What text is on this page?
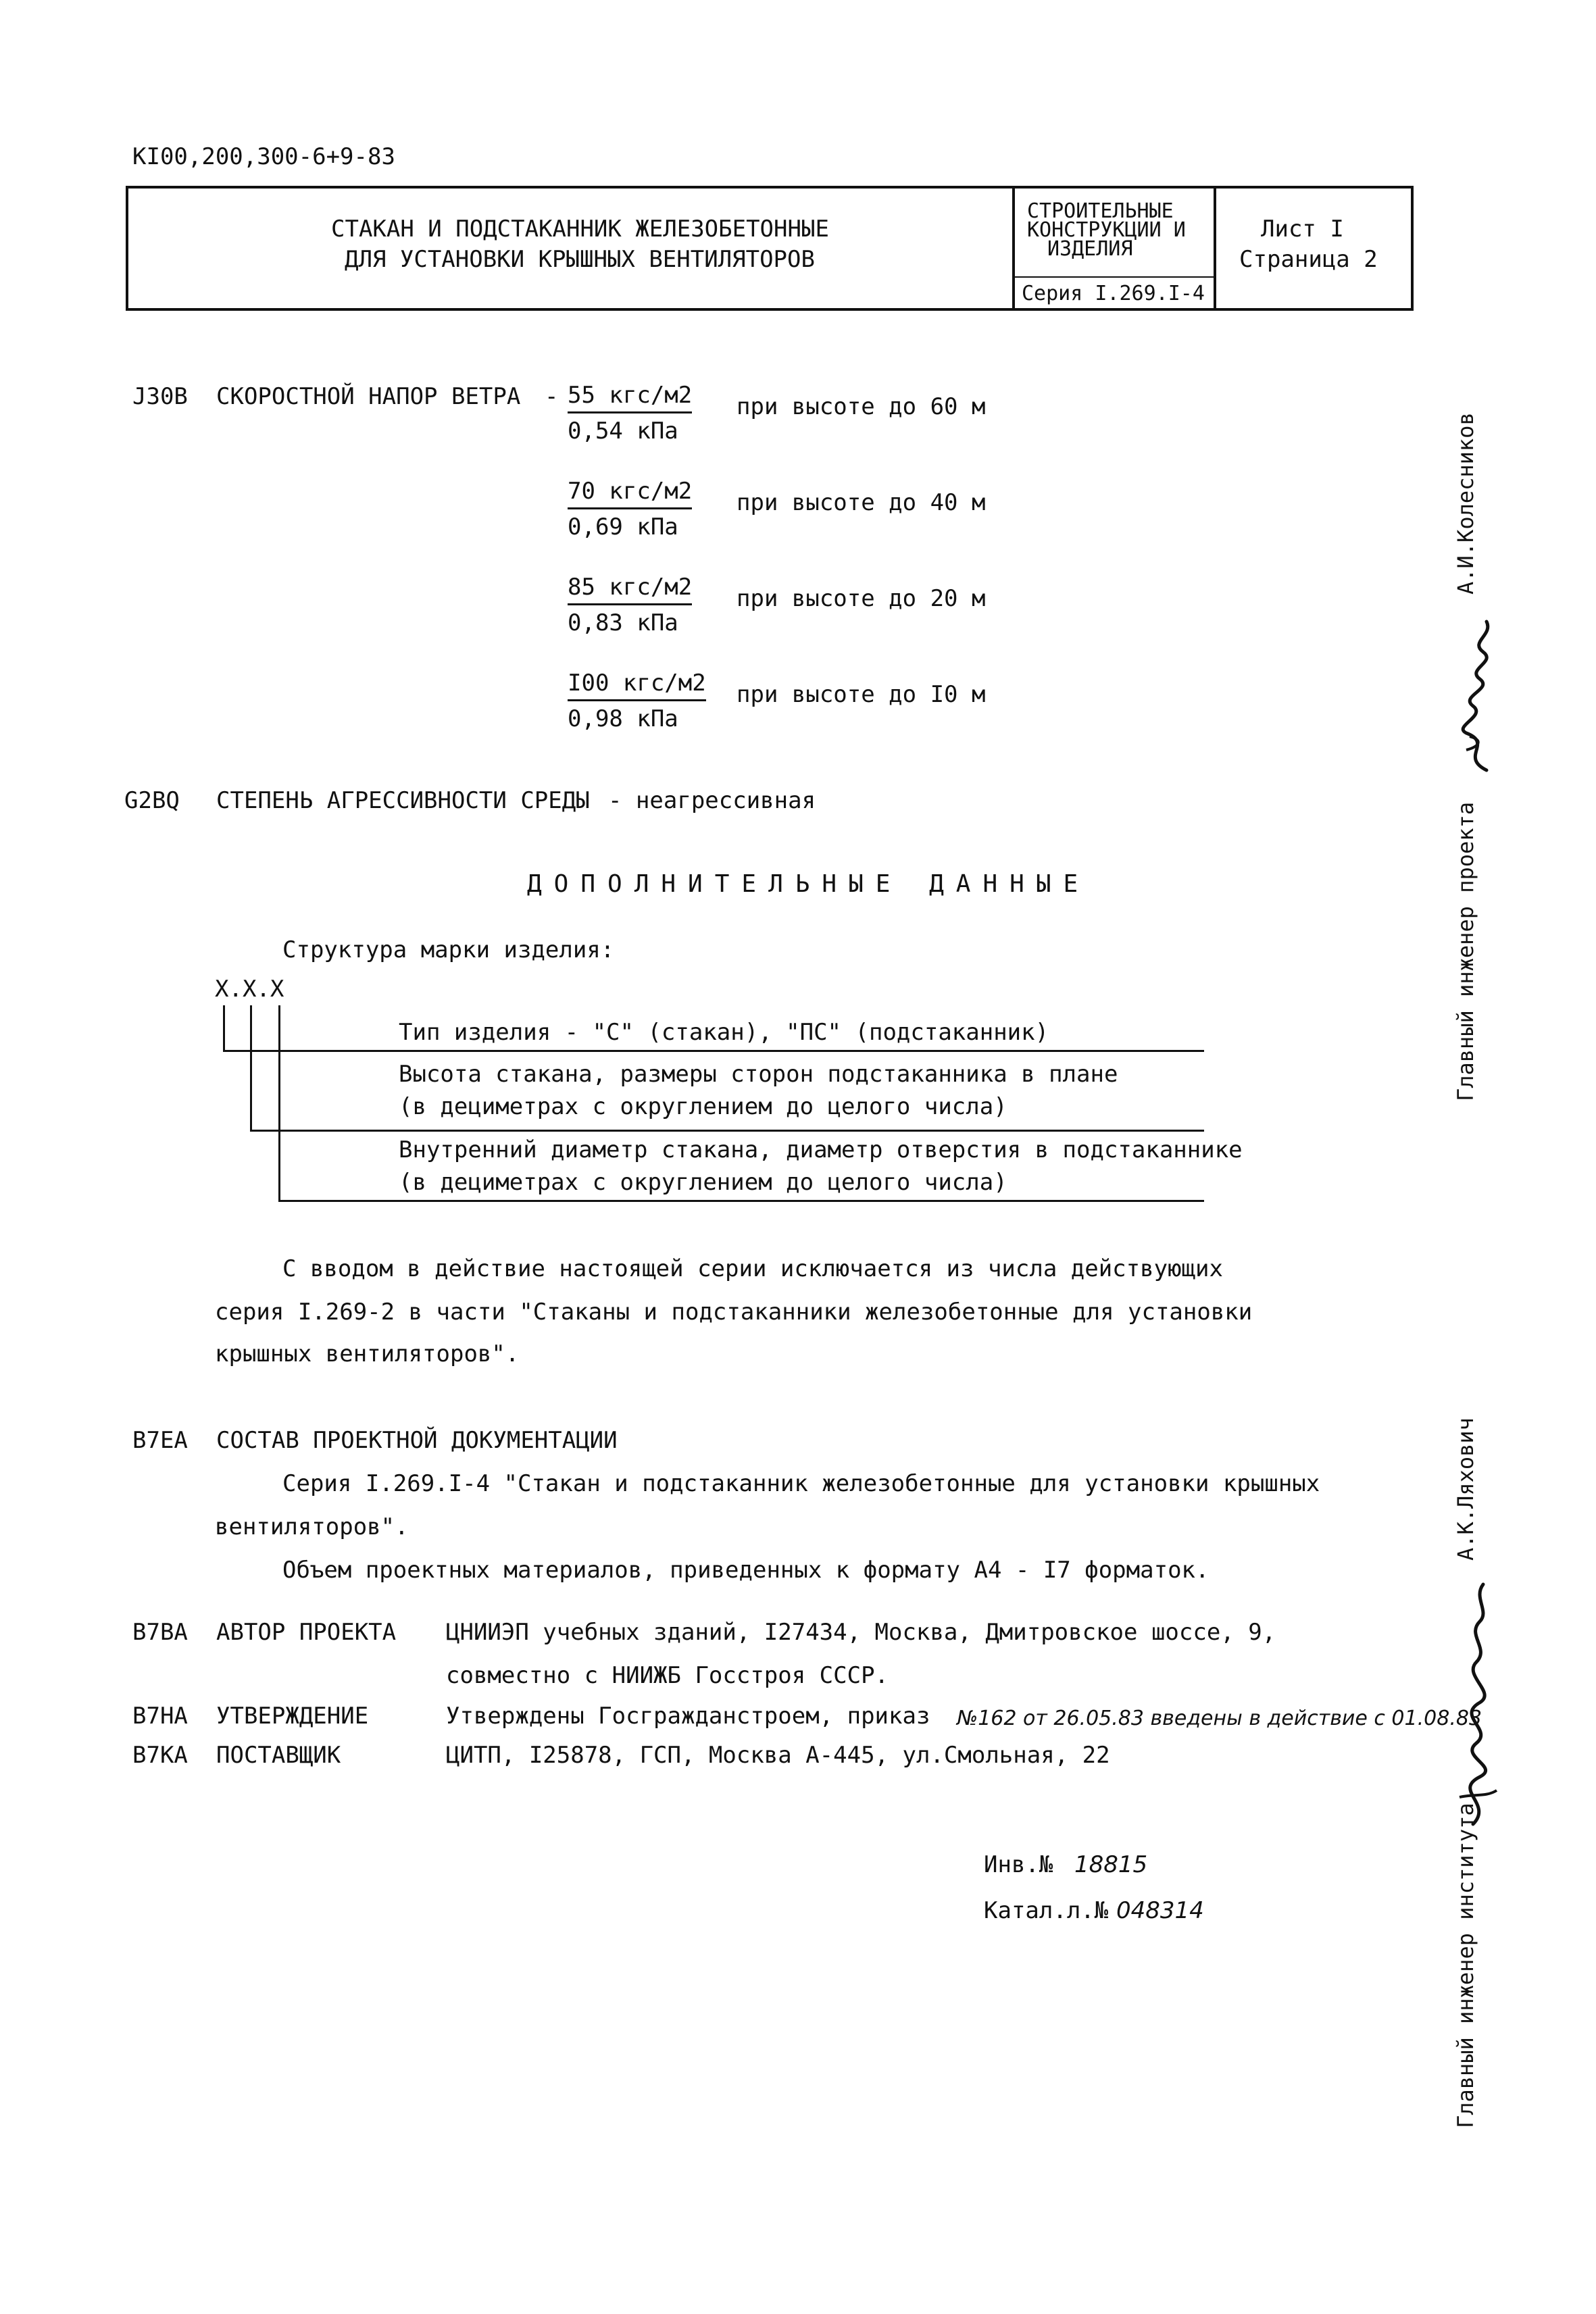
КI00,200,300-6+9-83
СТАКАН И ПОДСТАКАННИК ЖЕЛЕЗОБЕТОННЫЕ
ДЛЯ УСТАНОВКИ КРЫШНЫХ ВЕНТИЛЯТОРОВ
СТРОИТЕЛЬНЫЕ
КОНСТРУКЦИИ И
ИЗДЕЛИЯ
Серия I.269.I-4
Лист I
Страница 2
J30B СКОРОСТНОЙ НАПОР ВЕТРА - 55 кгс/м2
0,54 кПа
при высоте до 60 м
70 кгс/м2
0,69 кПа
при высоте до 40 м
85 кгс/м2
0,83 кПа
при высоте до 20 м
I00 кгс/м2
0,98 кПа
при высоте до I0 м
G2BQ СТЕПЕНЬ АГРЕССИВНОСТИ СРЕДЫ - неагрессивная
ДОПОЛНИТЕЛЬНЫЕ ДАННЫЕ
Структура марки изделия:
X.X.X
Тип изделия - "С" (стакан), "ПС" (подстаканник)
Высота стакана, размеры сторон подстаканника в плане
(в дециметрах с округлением до целого числа)
Внутренний диаметр стакана, диаметр отверстия в подстаканнике
(в дециметрах с округлением до целого числа)
С вводом в действие настоящей серии исключается из числа действующих
серия I.269-2 в части "Стаканы и подстаканники железобетонные для установки
крышных вентиляторов".
B7EA СОСТАВ ПРОЕКТНОЙ ДОКУМЕНТАЦИИ
Серия I.269.I-4 "Стакан и подстаканник железобетонные для установки крышных
вентиляторов".
Объем проектных материалов, приведенных к формату А4 - I7 форматок.
B7BA АВТОР ПРОЕКТА ЦНИИЭП учебных зданий, I27434, Москва, Дмитровское шоссе, 9,
совместно с НИИЖБ Госстроя СССР.
B7HA УТВЕРЖДЕНИЕ	Утверждены Госгражданстроем, приказ №162 от 26.05.83 введены в действие с 01.08.83
B7KA ПОСТАВЩИК	ЦИТП, I25878, ГСП, Москва А-445, ул.Смольная, 22
Инв.№ 18815
Катал.л.№ 048314
Главный инженер проекта
А.И.Колесников
Главный инженер института
А.К.Ляхович
